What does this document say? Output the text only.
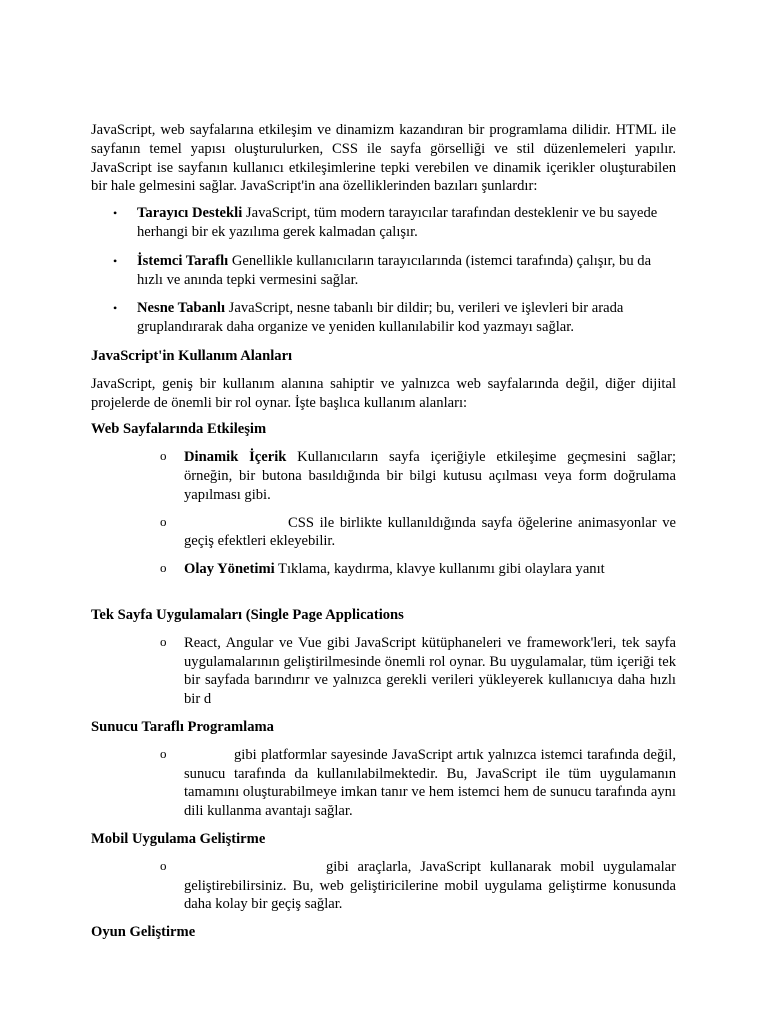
JavaScript, web sayfalarına etkileşim ve dinamizm kazandıran bir programlama dilidir. HTML ile sayfanın temel yapısı oluşturulurken, CSS ile sayfa görselliği ve stil düzenlemeleri yapılır. JavaScript ise sayfanın kullanıcı etkileşimlerine tepki verebilen ve dinamik içerikler oluşturabilen bir hale gelmesini sağlar. JavaScript'in ana özelliklerinden bazıları şunlardır:

• Tarayıcı Destekli JavaScript, tüm modern tarayıcılar tarafından desteklenir ve bu sayede herhangi bir ek yazılıma gerek kalmadan çalışır.
• İstemci Taraflı Genellikle kullanıcıların tarayıcılarında (istemci tarafında) çalışır, bu da hızlı ve anında tepki vermesini sağlar.
• Nesne Tabanlı JavaScript, nesne tabanlı bir dildir; bu, verileri ve işlevleri bir arada gruplandırarak daha organize ve yeniden kullanılabilir kod yazmayı sağlar.

JavaScript'in Kullanım Alanları

JavaScript, geniş bir kullanım alanına sahiptir ve yalnızca web sayfalarında değil, diğer dijital projelerde de önemli bir rol oynar. İşte başlıca kullanım alanları:

Web Sayfalarında Etkileşim

o Dinamik İçerik Kullanıcıların sayfa içeriğiyle etkileşime geçmesini sağlar; örneğin, bir butona basıldığında bir bilgi kutusu açılması veya form doğrulama yapılması gibi.
o	CSS ile birlikte kullanıldığında sayfa öğelerine animasyonlar ve geçiş efektleri ekleyebilir.
o Olay Yönetimi Tıklama, kaydırma, klavye kullanımı gibi olaylara yanıt

Tek Sayfa Uygulamaları (Single Page Applications

o React, Angular ve Vue gibi JavaScript kütüphaneleri ve framework'leri, tek sayfa uygulamalarının geliştirilmesinde önemli rol oynar. Bu uygulamalar, tüm içeriği tek bir sayfada barındırır ve yalnızca gerekli verileri yükleyerek kullanıcıya daha hızlı bir d

Sunucu Taraflı Programlama

o	gibi platformlar sayesinde JavaScript artık yalnızca istemci tarafında değil, sunucu tarafında da kullanılabilmektedir. Bu, JavaScript ile tüm uygulamanın tamamını oluşturabilmeye imkan tanır ve hem istemci hem de sunucu tarafında aynı dili kullanma avantajı sağlar.

Mobil Uygulama Geliştirme

o	gibi araçlarla, JavaScript kullanarak mobil uygulamalar geliştirebilirsiniz. Bu, web geliştiricilerine mobil uygulama geliştirme konusunda daha kolay bir geçiş sağlar.

Oyun Geliştirme
